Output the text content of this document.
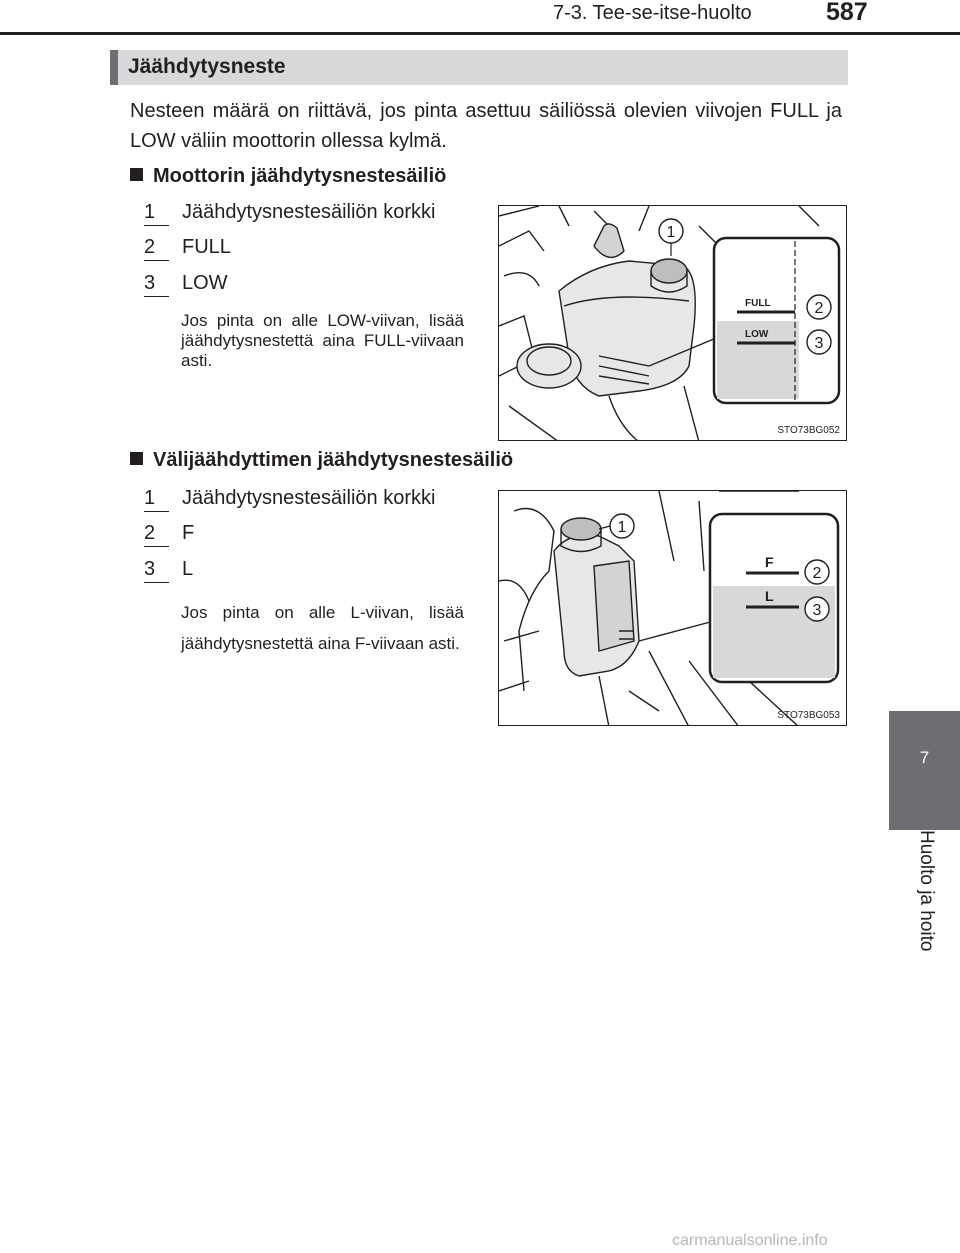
7-3. Tee-se-itse-huolto	587
7
Huolto ja hoito
Jäähdytysneste
Nesteen määrä on riittävä, jos pinta asettuu säiliössä olevien viivojen FULL ja LOW väliin moottorin ollessa kylmä.
Moottorin jäähdytysnestesäiliö
1 Jäähdytysnestesäiliön korkki
2 FULL
3 LOW
Jos pinta on alle LOW-viivan, lisää jäähdytysnestettä aina FULL-viivaan asti.
FULL
LOW
1
2
3
STO73BG052
Välijäähdyttimen jäähdytysnestesäiliö
1 Jäähdytysnestesäiliön korkki
2 F
3 L
Jos pinta on alle L-viivan, lisää jäähdytysnestettä aina F-viivaan asti.
F
L
1
2
3
STO73BG053
carmanualsonline.info
